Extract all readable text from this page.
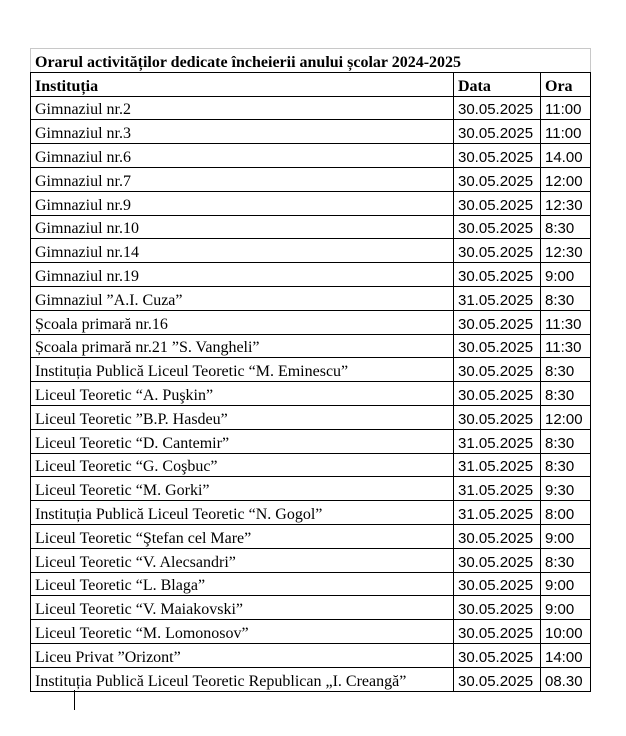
Orarul activităților dedicate încheierii anului școlar 2024-2025		
Instituția	Data	Ora
Gimnaziul nr.2	30.05.2025	11:00
Gimnaziul nr.3	30.05.2025	11:00
Gimnaziul nr.6	30.05.2025	14.00
Gimnaziul nr.7	30.05.2025	12:00
Gimnaziul nr.9	30.05.2025	12:30
Gimnaziul nr.10	30.05.2025	8:30
Gimnaziul nr.14	30.05.2025	12:30
Gimnaziul nr.19	30.05.2025	9:00
Gimnaziul ”A.I. Cuza”	31.05.2025	8:30
Școala primară nr.16	30.05.2025	11:30
Școala primară nr.21 ”S. Vangheli”	30.05.2025	11:30
Instituția Publică Liceul Teoretic “M. Eminescu”	30.05.2025	8:30
Liceul Teoretic “A. Puşkin”	30.05.2025	8:30
Liceul Teoretic ”B.P. Hasdeu”	30.05.2025	12:00
Liceul Teoretic “D. Cantemir”	31.05.2025	8:30
Liceul Teoretic “G. Coşbuc”	31.05.2025	8:30
Liceul Teoretic “M. Gorki”	31.05.2025	9:30
Instituția Publică Liceul Teoretic “N. Gogol”	31.05.2025	8:00
Liceul Teoretic “Ştefan cel Mare”	30.05.2025	9:00
Liceul Teoretic “V. Alecsandri”	30.05.2025	8:30
Liceul Teoretic “L. Blaga”	30.05.2025	9:00
Liceul Teoretic “V. Maiakovski”	30.05.2025	9:00
Liceul Teoretic “M. Lomonosov”	30.05.2025	10:00
Liceu Privat ”Orizont”	30.05.2025	14:00
Instituția Publică Liceul Teoretic Republican „I. Creangă”	30.05.2025	08.30
